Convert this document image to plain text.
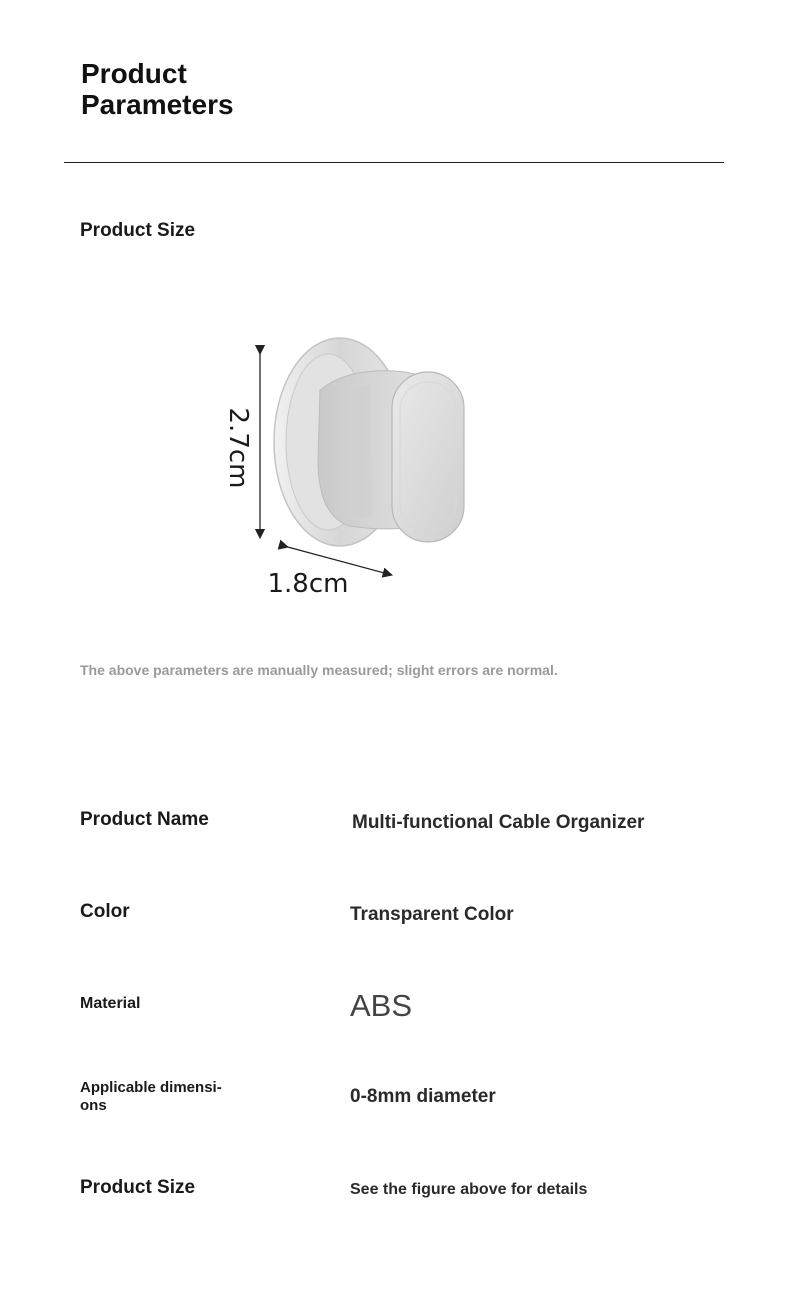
Product
Parameters
Product Size
2.7cm
1.8cm
The above parameters are manually measured; slight errors are normal.
Product Name	Multi-functional Cable Organizer
Color	Transparent Color
Material	ABS
Applicable dimensi-
ons	0-8mm diameter
Product Size	See the figure above for details
